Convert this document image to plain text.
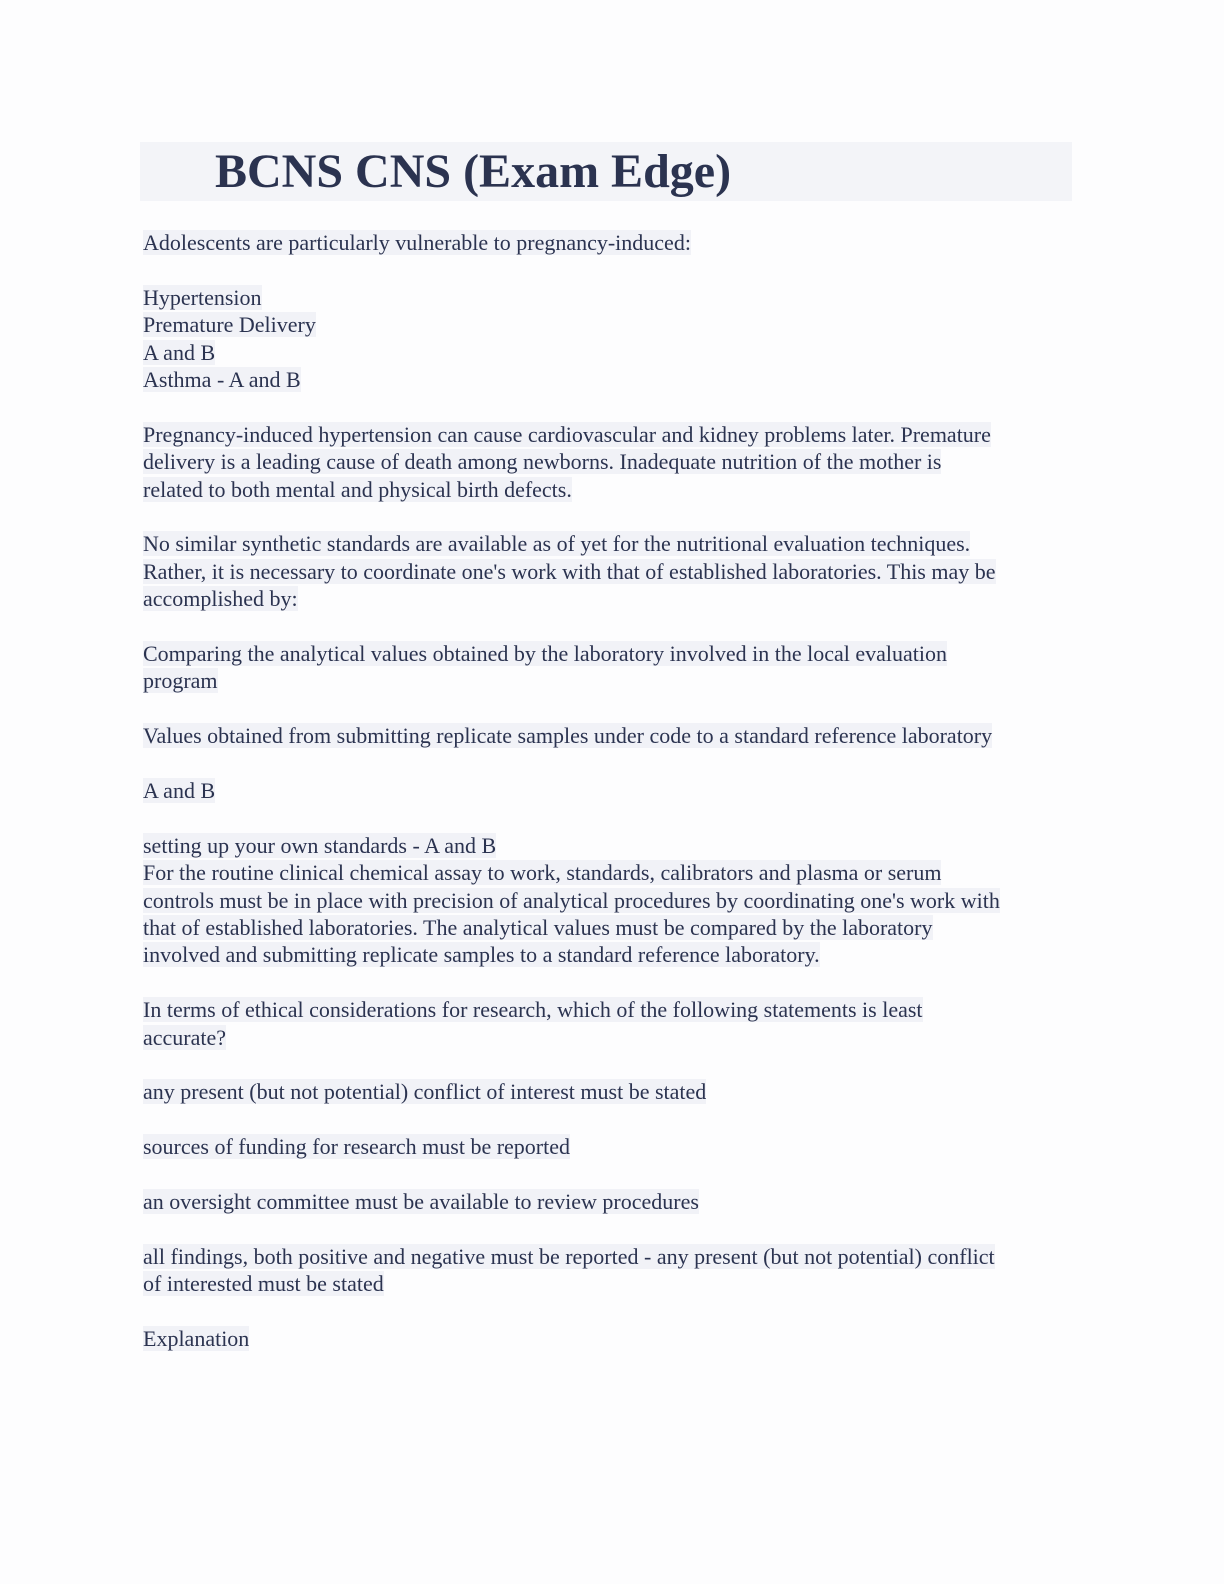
BCNS CNS (Exam Edge)
Adolescents are particularly vulnerable to pregnancy-induced:
Hypertension
Premature Delivery
A and B
Asthma - A and B
Pregnancy-induced hypertension can cause cardiovascular and kidney problems later. Premature
delivery is a leading cause of death among newborns. Inadequate nutrition of the mother is
related to both mental and physical birth defects.
No similar synthetic standards are available as of yet for the nutritional evaluation techniques.
Rather, it is necessary to coordinate one's work with that of established laboratories. This may be
accomplished by:
Comparing the analytical values obtained by the laboratory involved in the local evaluation
program
Values obtained from submitting replicate samples under code to a standard reference laboratory
A and B
setting up your own standards - A and B
For the routine clinical chemical assay to work, standards, calibrators and plasma or serum
controls must be in place with precision of analytical procedures by coordinating one's work with
that of established laboratories. The analytical values must be compared by the laboratory
involved and submitting replicate samples to a standard reference laboratory.
In terms of ethical considerations for research, which of the following statements is least
accurate?
any present (but not potential) conflict of interest must be stated
sources of funding for research must be reported
an oversight committee must be available to review procedures
all findings, both positive and negative must be reported - any present (but not potential) conflict
of interested must be stated
Explanation
